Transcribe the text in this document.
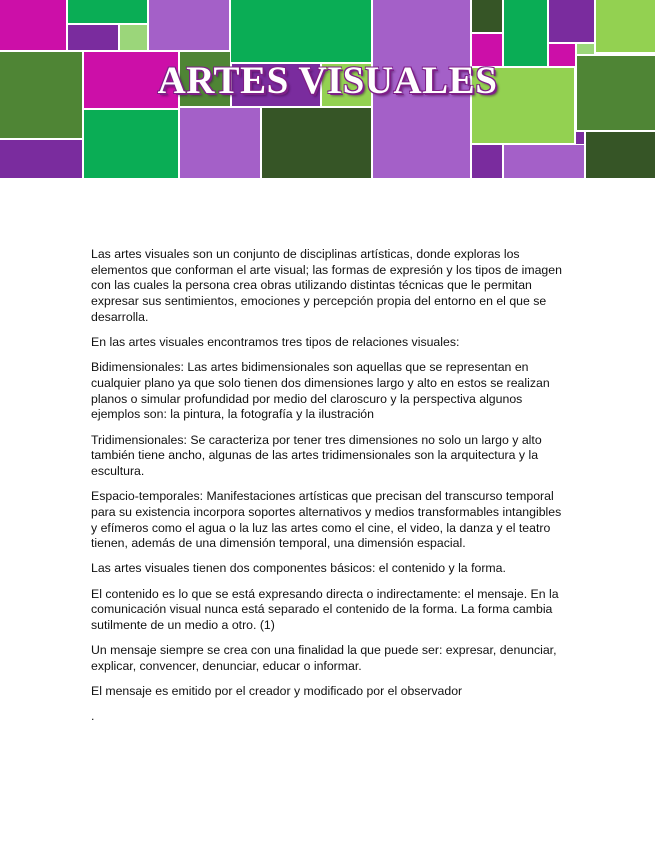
ARTES VISUALES

Las artes visuales son un conjunto de disciplinas artísticas, donde exploras los elementos que conforman el arte visual; las formas de expresión y los tipos de imagen con las cuales la persona crea obras utilizando distintas técnicas que le permitan expresar sus sentimientos, emociones y percepción propia del entorno en el que se desarrolla.

En las artes visuales encontramos tres tipos de relaciones visuales:

Bidimensionales: Las artes bidimensionales son aquellas que se representan en cualquier plano ya que solo tienen dos dimensiones largo y alto en estos se realizan planos o simular profundidad por medio del claroscuro y la perspectiva algunos ejemplos son: la pintura, la fotografía y la ilustración

Tridimensionales: Se caracteriza por tener tres dimensiones no solo un largo y alto también tiene ancho, algunas de las artes tridimensionales son la arquitectura y la escultura.

Espacio-temporales: Manifestaciones artísticas que precisan del transcurso temporal para su existencia incorpora soportes alternativos y medios transformables intangibles y efímeros como el agua o la luz las artes como el cine, el video, la danza y el teatro tienen, además de una dimensión temporal, una dimensión espacial.

Las artes visuales tienen dos componentes básicos: el contenido y la forma.

El contenido es lo que se está expresando directa o indirectamente: el mensaje. En la comunicación visual nunca está separado el contenido de la forma. La forma cambia sutilmente de un medio a otro. (1)

Un mensaje siempre se crea con una finalidad la que puede ser: expresar, denunciar, explicar, convencer, denunciar, educar o informar.

El mensaje es emitido por el creador y modificado por el observador

.
